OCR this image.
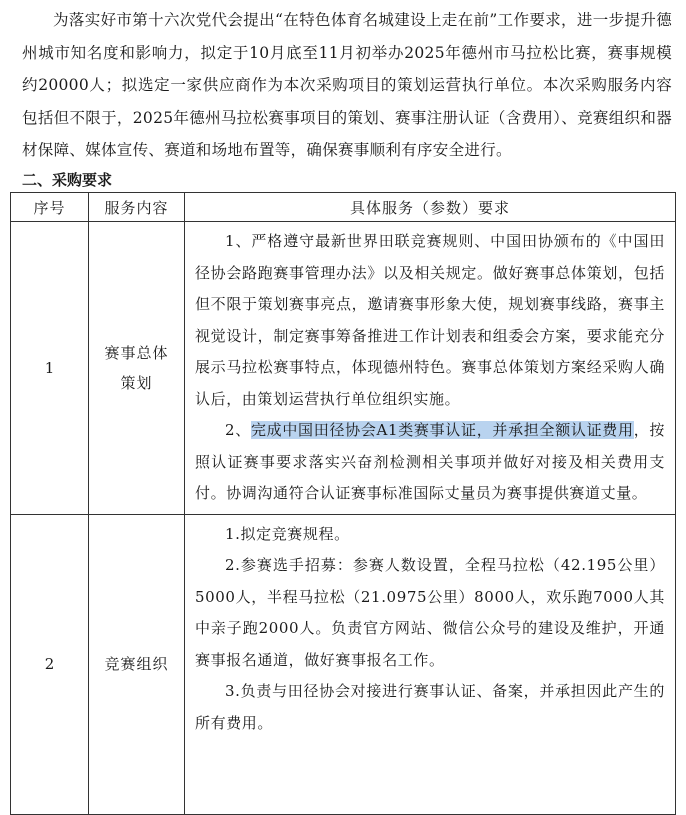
为落实好市第十六次党代会提出“在特色体育名城建设上走在前”工作要求，进一步提升德州城市知名度和影响力，拟定于10月底至11月初举办2025年德州市马拉松比赛，赛事规模约20000人；拟选定一家供应商作为本次采购项目的策划运营执行单位。本次采购服务内容包括但不限于，2025年德州马拉松赛事项目的策划、赛事注册认证（含费用）、竞赛组织和器材保障、媒体宣传、赛道和场地布置等，确保赛事顺利有序安全进行。

二、采购要求
序号	服务内容	具体服务（参数）要求
1	赛事总体策划	1、严格遵守最新世界田联竞赛规则、中国田协颁布的《中国田径协会路跑赛事管理办法》以及相关规定。做好赛事总体策划，包括但不限于策划赛事亮点，邀请赛事形象大使，规划赛事线路，赛事主视觉设计，制定赛事筹备推进工作计划表和组委会方案，要求能充分展示马拉松赛事特点，体现德州特色。赛事总体策划方案经采购人确认后，由策划运营执行单位组织实施。

2、完成中国田径协会A1类赛事认证，并承担全额认证费用，按照认证赛事要求落实兴奋剂检测相关事项并做好对接及相关费用支付。协调沟通符合认证赛事标准国际丈量员为赛事提供赛道丈量。

2	竞赛组织	1.拟定竞赛规程。

2.参赛选手招募：参赛人数设置，全程马拉松（42.195公里）5000人，半程马拉松（21.0975公里）8000人，欢乐跑7000人其中亲子跑2000人。负责官方网站、微信公众号的建设及维护，开通赛事报名通道，做好赛事报名工作。

3.负责与田径协会对接进行赛事认证、备案，并承担因此产生的所有费用。
